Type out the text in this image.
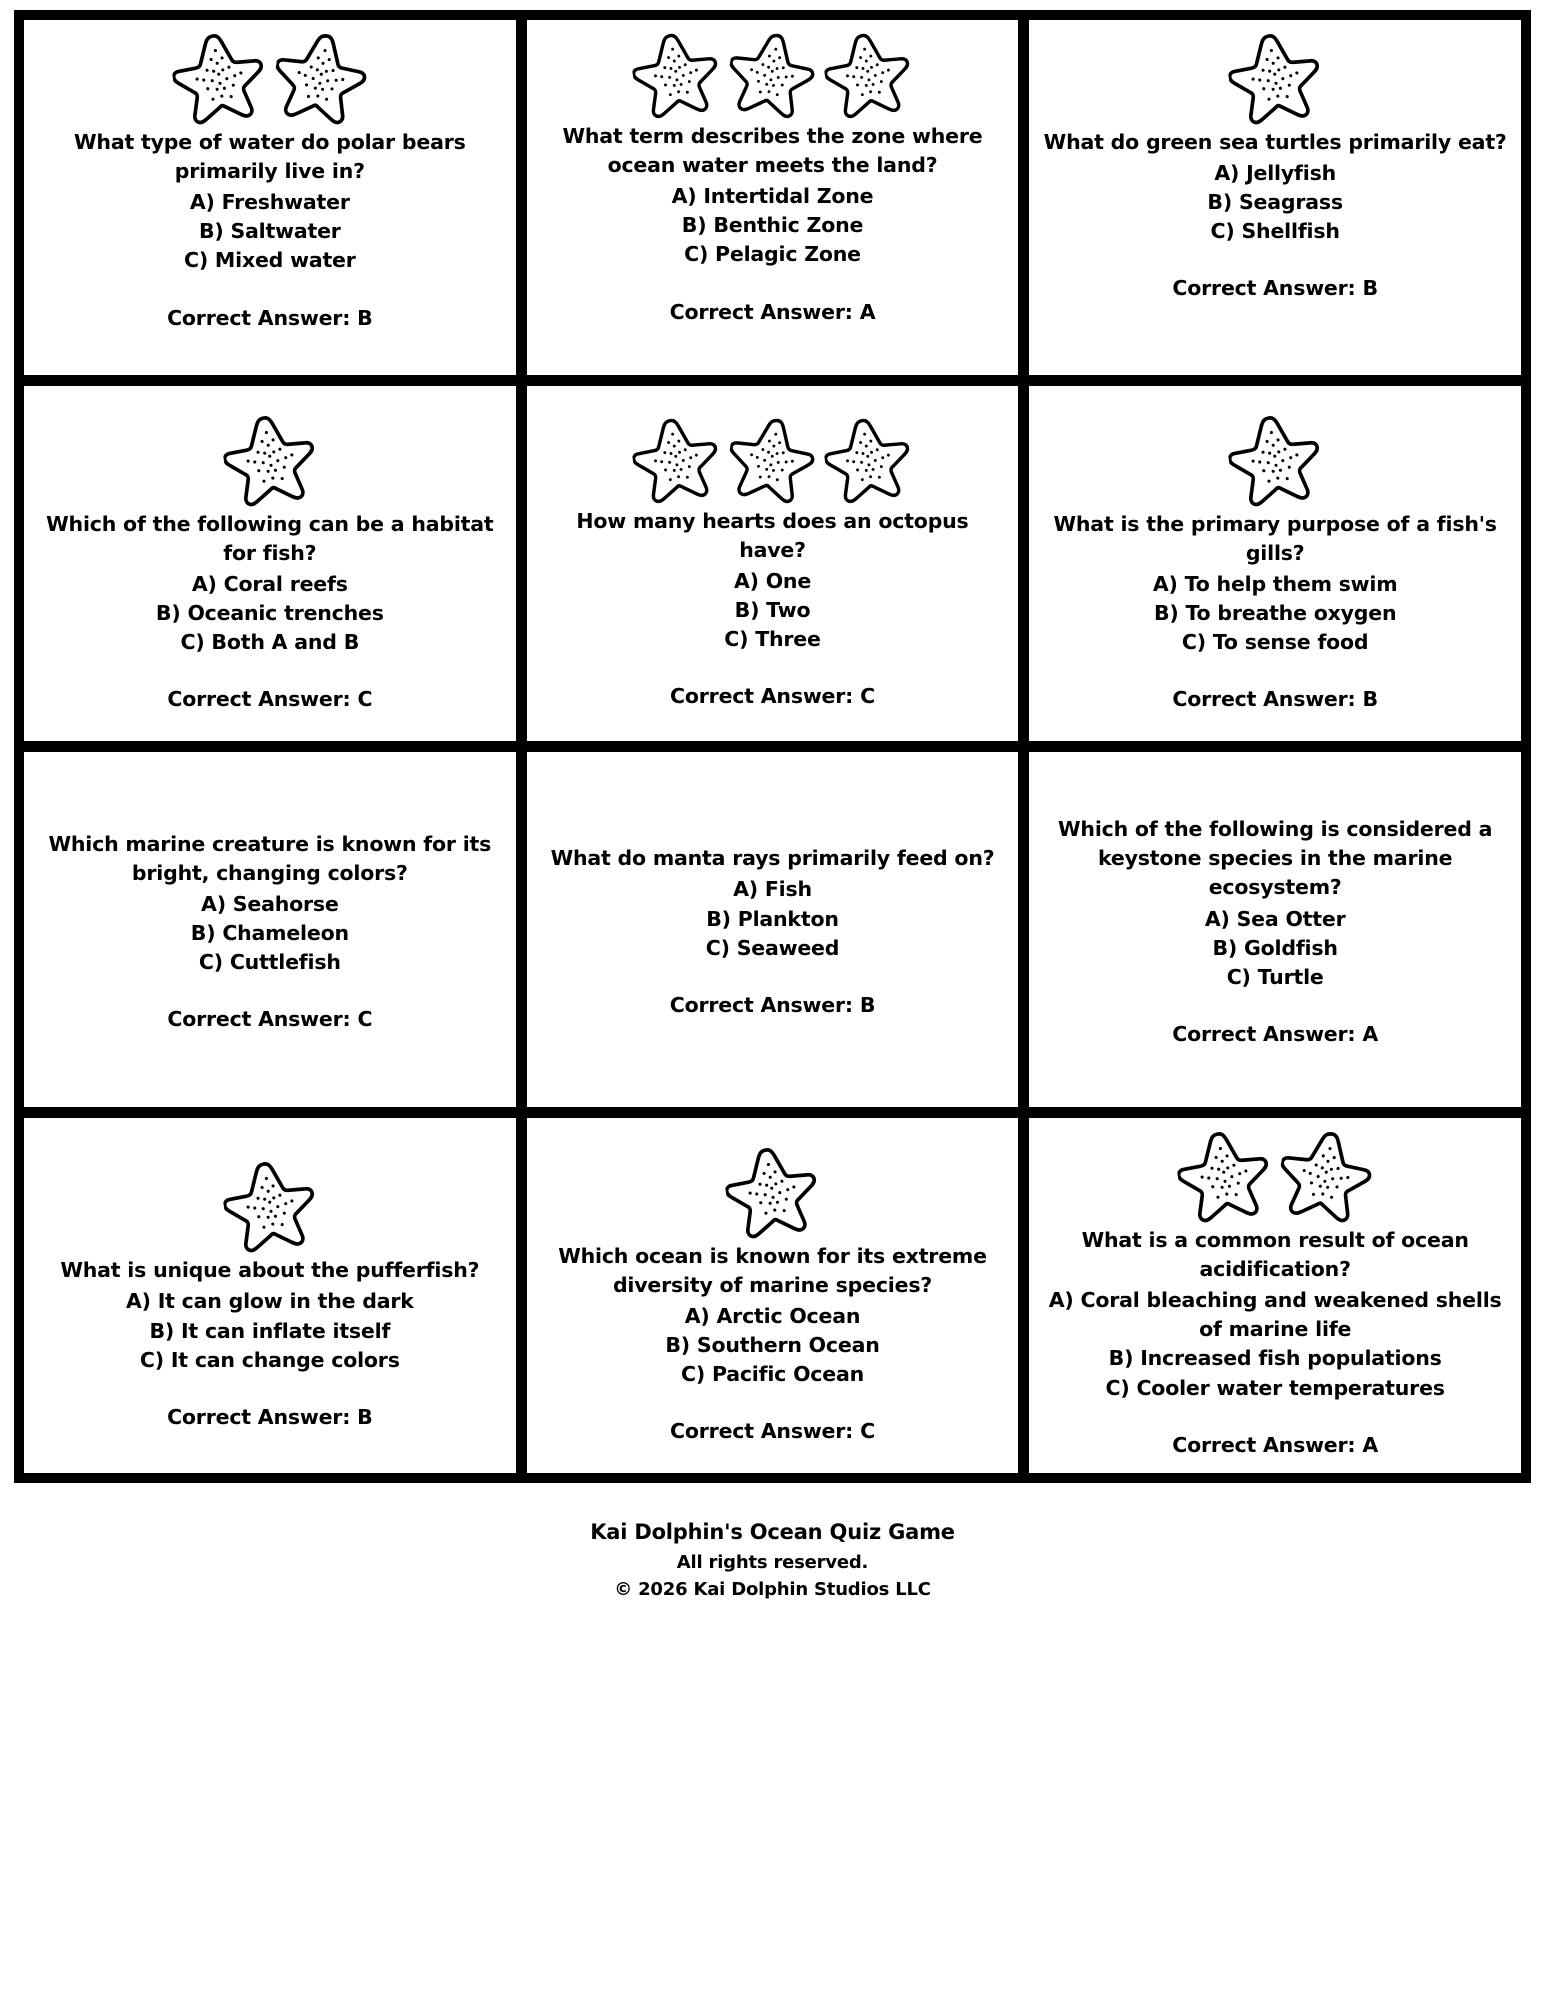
What type of water do polar bears primarily live in?
A) Freshwater
B) Saltwater
C) Mixed water
Correct Answer: B
What term describes the zone where ocean water meets the land?
A) Intertidal Zone
B) Benthic Zone
C) Pelagic Zone
Correct Answer: A
What do green sea turtles primarily eat?
A) Jellyfish
B) Seagrass
C) Shellfish
Correct Answer: B
Which of the following can be a habitat for fish?
A) Coral reefs
B) Oceanic trenches
C) Both A and B
Correct Answer: C
How many hearts does an octopus have?
A) One
B) Two
C) Three
Correct Answer: C
What is the primary purpose of a fish's gills?
A) To help them swim
B) To breathe oxygen
C) To sense food
Correct Answer: B
Which marine creature is known for its bright, changing colors?
A) Seahorse
B) Chameleon
C) Cuttlefish
Correct Answer: C
What do manta rays primarily feed on?
A) Fish
B) Plankton
C) Seaweed
Correct Answer: B
Which of the following is considered a keystone species in the marine ecosystem?
A) Sea Otter
B) Goldfish
C) Turtle
Correct Answer: A
What is unique about the pufferfish?
A) It can glow in the dark
B) It can inflate itself
C) It can change colors
Correct Answer: B
Which ocean is known for its extreme diversity of marine species?
A) Arctic Ocean
B) Southern Ocean
C) Pacific Ocean
Correct Answer: C
What is a common result of ocean acidification?
A) Coral bleaching and weakened shells of marine life
B) Increased fish populations
C) Cooler water temperatures
Correct Answer: A
Kai Dolphin's Ocean Quiz Game
All rights reserved.
© 2026 Kai Dolphin Studios LLC
